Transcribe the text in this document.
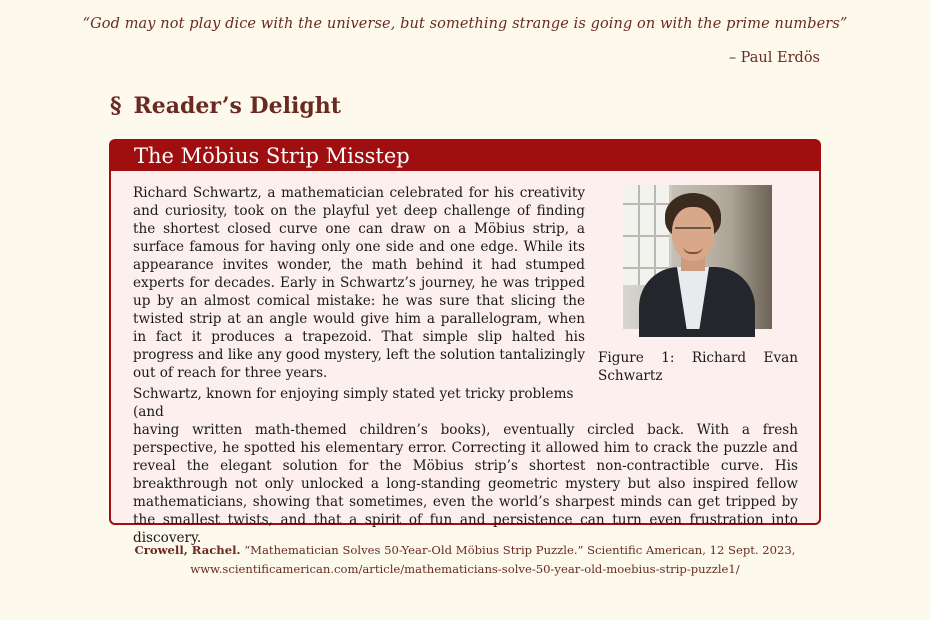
“God may not play dice with the universe, but something strange is going on with the prime numbers”
– Paul Erdös
§ Reader’s Delight
The Möbius Strip Misstep
Richard Schwartz, a mathematician celebrated for his creativity and curiosity, took on the playful yet deep challenge of finding the shortest closed curve one can draw on a Möbius strip, a surface famous for having only one side and one edge. While its appearance invites wonder, the math behind it had stumped experts for decades. Early in Schwartz’s journey, he was tripped up by an almost comical mistake: he was sure that slicing the twisted strip at an angle would give him a parallelogram, when in fact it produces a trapezoid. That simple slip halted his progress and like any good mystery, left the solution tantalizingly out of reach for three years.
Figure 1: Richard Evan
Schwartz
Schwartz, known for enjoying simply stated yet tricky problems (and
having written math-themed children’s books), eventually circled back. With a fresh perspective, he spotted his elementary error. Correcting it allowed him to crack the puzzle and reveal the elegant solution for the Möbius strip’s shortest non-contractible curve. His breakthrough not only unlocked a long-standing geometric mystery but also inspired fellow mathematicians, showing that sometimes, even the world’s sharpest minds can get tripped by the smallest twists, and that a spirit of fun and persistence can turn even frustration into discovery.
Crowell, Rachel. “Mathematician Solves 50-Year-Old Möbius Strip Puzzle.” Scientific American, 12 Sept. 2023,
www.scientificamerican.com/article/mathematicians-solve-50-year-old-moebius-strip-puzzle1/
